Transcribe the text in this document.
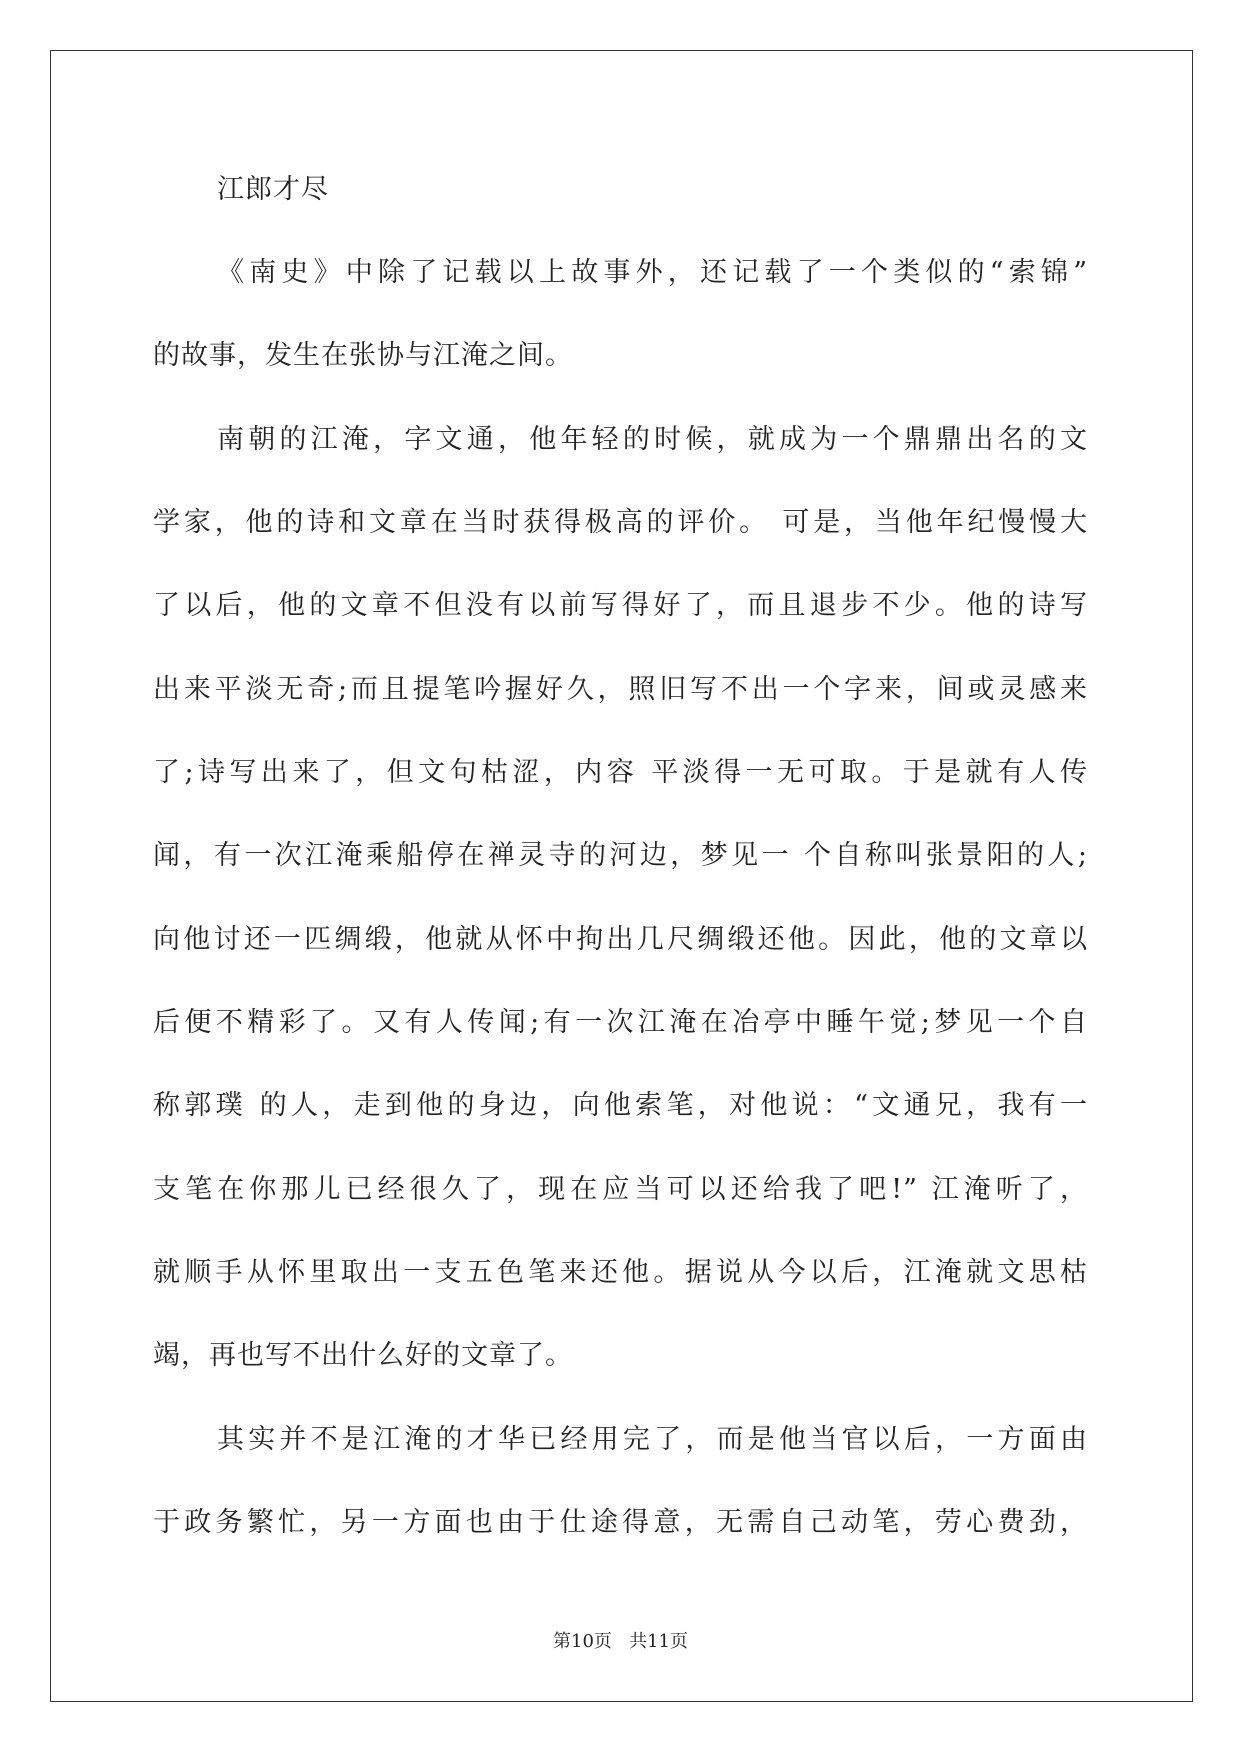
江郎才尽
《南史》中除了记载以上故事外，还记载了一个类似的“索锦”
的故事，发生在张协与江淹之间。
南朝的江淹，字文通，他年轻的时候，就成为一个鼎鼎出名的文
学家，他的诗和文章在当时获得极高的评价。 可是，当他年纪慢慢大
了以后，他的文章不但没有以前写得好了，而且退步不少。他的诗写
出来平淡无奇;而且提笔吟握好久，照旧写不出一个字来，间或灵感来
了;诗写出来了，但文句枯涩，内容 平淡得一无可取。于是就有人传
闻，有一次江淹乘船停在禅灵寺的河边，梦见一 个自称叫张景阳的人;
向他讨还一匹绸缎，他就从怀中拘出几尺绸缎还他。因此，他的文章以
后便不精彩了。又有人传闻;有一次江淹在冶亭中睡午觉;梦见一个自
称郭璞 的人，走到他的身边，向他索笔，对他说：“文通兄，我有一
支笔在你那儿已经很久了，现在应当可以还给我了吧!” 江淹听了，
就顺手从怀里取出一支五色笔来还他。据说从今以后，江淹就文思枯
竭，再也写不出什么好的文章了。
其实并不是江淹的才华已经用完了，而是他当官以后，一方面由
于政务繁忙，另一方面也由于仕途得意，无需自己动笔，劳心费劲，
第10页   共11页
